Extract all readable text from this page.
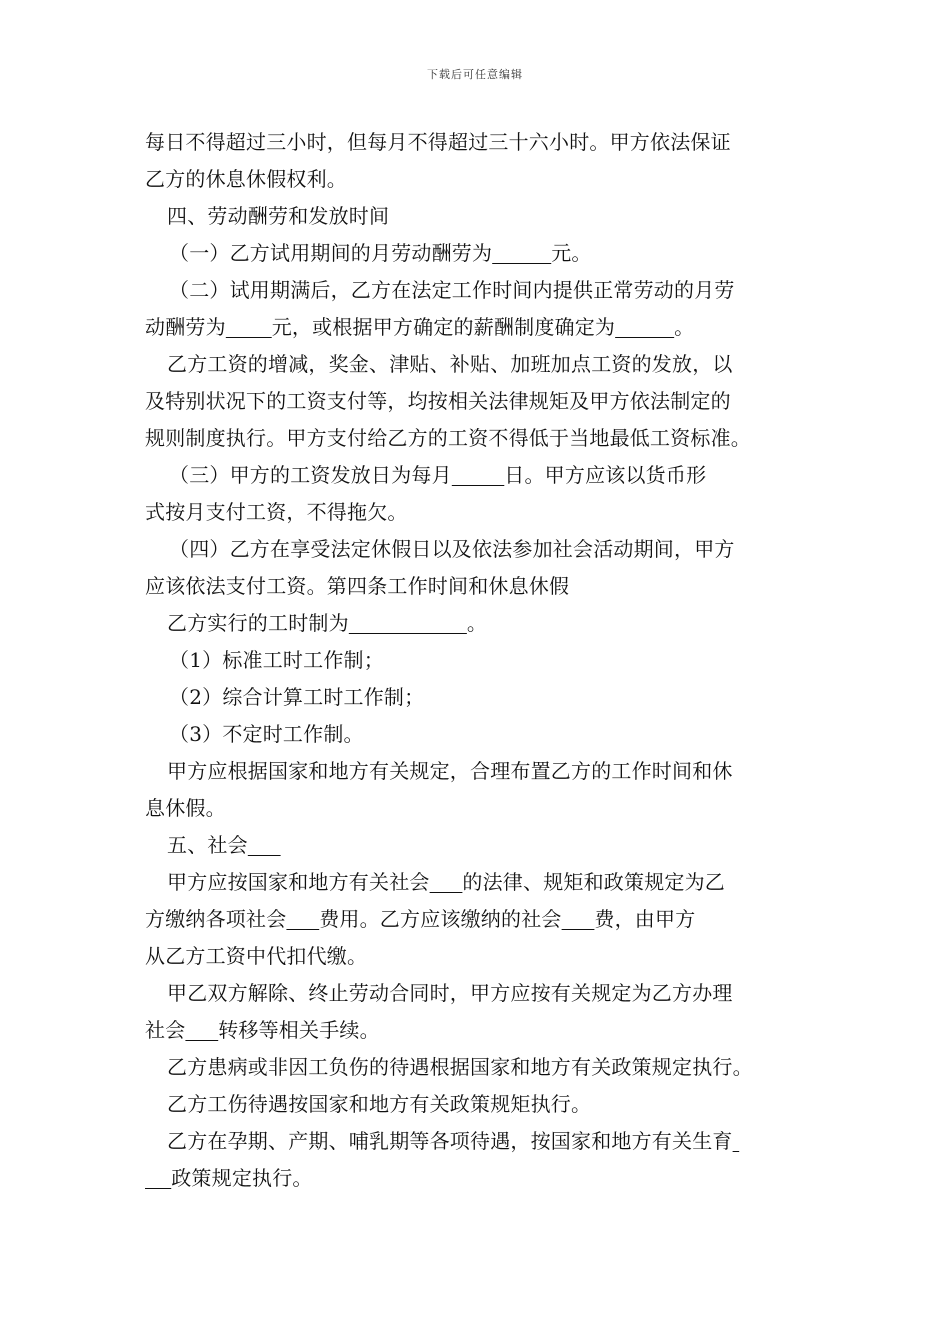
下载后可任意编辑
每日不得超过三小时，但每月不得超过三十六小时。甲方依法保证
乙方的休息休假权利。
四、劳动酬劳和发放时间
（一）乙方试用期间的月劳动酬劳为	元。
（二）试用期满后，乙方在法定工作时间内提供正常劳动的月劳
动酬劳为 元，或根据甲方确定的薪酬制度确定为	。
乙方工资的增减，奖金、津贴、补贴、加班加点工资的发放，以
及特别状况下的工资支付等，均按相关法律规矩及甲方依法制定的
规则制度执行。甲方支付给乙方的工资不得低于当地最低工资标准。
（三）甲方的工资发放日为每月	日。甲方应该以货币形
式按月支付工资，不得拖欠。
（四）乙方在享受法定休假日以及依法参加社会活动期间，甲方
应该依法支付工资。第四条工作时间和休息休假
乙方实行的工时制为	。
（1）标准工时工作制；
（2）综合计算工时工作制；
（3）不定时工作制。
甲方应根据国家和地方有关规定，合理布置乙方的工作时间和休
息休假。
五、社会
甲方应按国家和地方有关社会 的法律、规矩和政策规定为乙
方缴纳各项社会 费用。乙方应该缴纳的社会 费，由甲方
从乙方工资中代扣代缴。
甲乙双方解除、终止劳动合同时，甲方应按有关规定为乙方办理
社会 转移等相关手续。
乙方患病或非因工负伤的待遇根据国家和地方有关政策规定执行。
乙方工伤待遇按国家和地方有关政策规矩执行。
乙方在孕期、产期、哺乳期等各项待遇，按国家和地方有关生育
政策规定执行。
